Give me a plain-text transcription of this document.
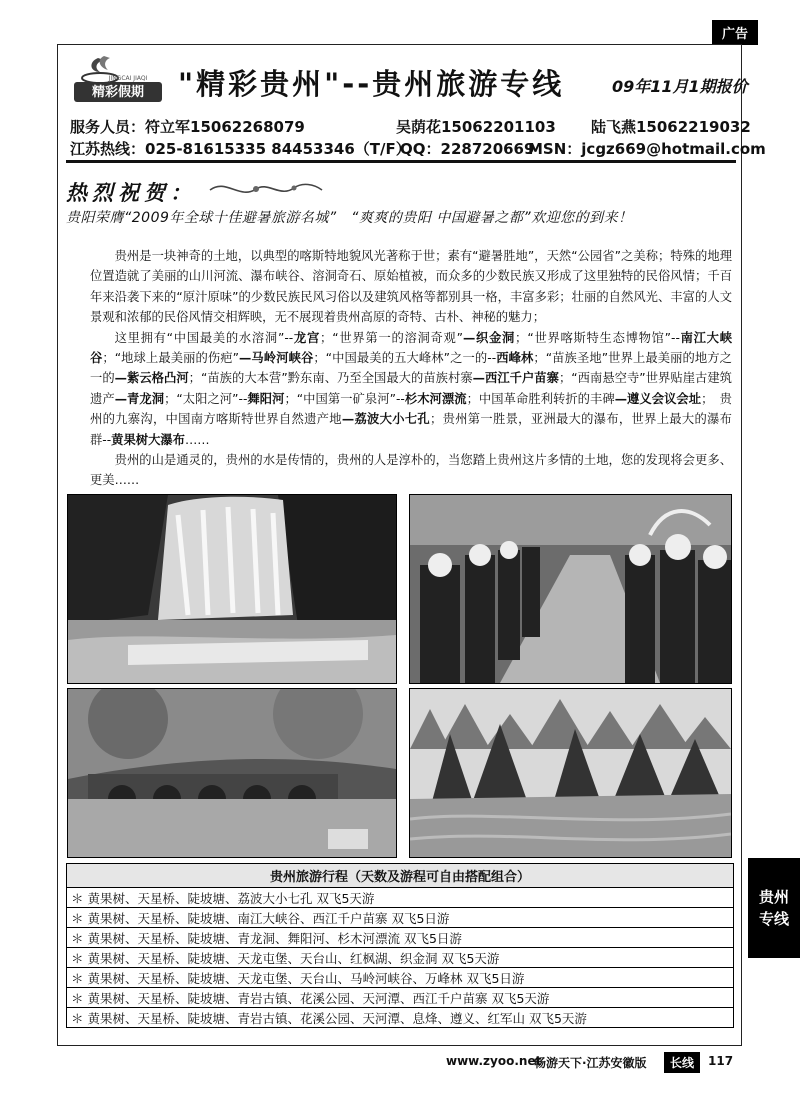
广告
精彩假期
JINGCAI JIAQI "精彩贵州"--贵州旅游专线	09年11月1期报价
服务人员：符立军15062268079	吴荫花15062201103 陆飞燕15062219032
江苏热线：025-81615335 84453346（T/F）
QQ：228720669
MSN：jcgz669@hotmail.com
热烈祝贺：
贵阳荣膺“2009年全球十佳避暑旅游名城”　“爽爽的贵阳 中国避暑之都”欢迎您的到来！

贵州是一块神奇的土地，以典型的喀斯特地貌风光著称于世；素有“避暑胜地”，天然“公园省”之美称；特殊的地理位置造就了美丽的山川河流、瀑布峡谷、溶洞奇石、原始植被，而众多的少数民族又形成了这里独特的民俗风情；千百年来沿袭下来的“原汁原味”的少数民族民风习俗以及建筑风格等都别具一格，丰富多彩；壮丽的自然风光、丰富的人文景观和浓郁的民俗风情交相辉映，无不展现着贵州高原的奇特、古朴、神秘的魅力；

这里拥有“中国最美的水溶洞”--龙宫；“世界第一的溶洞奇观”—织金洞；“世界喀斯特生态博物馆”--南江大峡谷；“地球上最美丽的伤疤”—马岭河峡谷；“中国最美的五大峰林”之一的--西峰林；“苗族圣地”世界上最美丽的地方之一的—紫云格凸河；“苗族的大本营”黔东南、乃至全国最大的苗族村寨—西江千户苗寨；“西南悬空寺”世界贴崖古建筑遗产—青龙洞；“太阳之河”--舞阳河；“中国第一矿泉河”--杉木河漂流；中国革命胜利转折的丰碑—遵义会议会址；　贵州的九寨沟，中国南方喀斯特世界自然遗产地—荔波大小七孔；贵州第一胜景，亚洲最大的瀑布，世界上最大的瀑布群--黄果树大瀑布……

贵州的山是通灵的，贵州的水是传情的，贵州的人是淳朴的，当您踏上贵州这片多情的土地，您的发现将会更多、更美……

贵州旅游行程（天数及游程可自由搭配组合）
＊ 黄果树、天星桥、陡坡塘、荔波大小七孔 双飞5天游
＊ 黄果树、天星桥、陡坡塘、南江大峡谷、西江千户苗寨 双飞5日游
＊ 黄果树、天星桥、陡坡塘、青龙洞、舞阳河、杉木河漂流 双飞5日游
＊ 黄果树、天星桥、陡坡塘、天龙屯堡、天台山、红枫湖、织金洞 双飞5天游
＊ 黄果树、天星桥、陡坡塘、天龙屯堡、天台山、马岭河峡谷、万峰林 双飞5日游
＊ 黄果树、天星桥、陡坡塘、青岩古镇、花溪公园、天河潭、西江千户苗寨 双飞5天游
＊ 黄果树、天星桥、陡坡塘、青岩古镇、花溪公园、天河潭、息烽、遵义、红军山 双飞5天游
贵州
专线
www.zyoo.net
畅游天下·江苏安徽版	长线	117
